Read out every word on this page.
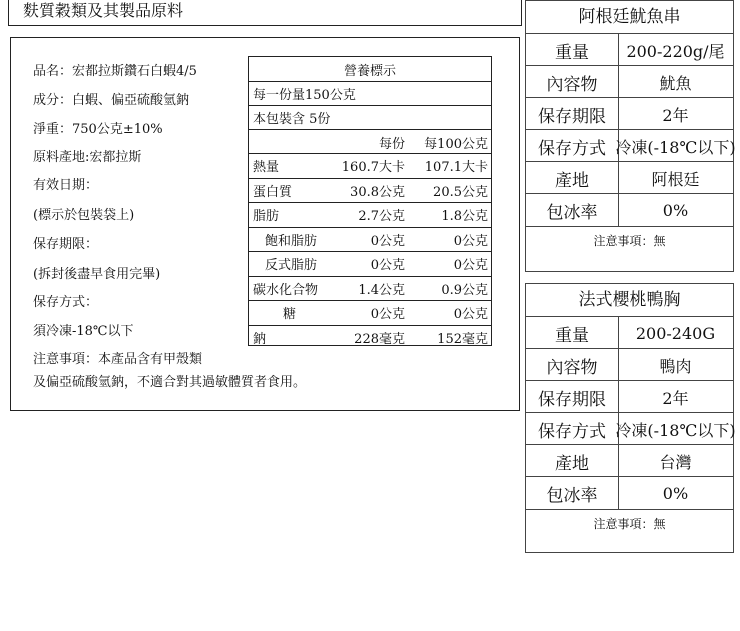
麩質穀類及其製品原料
品名：宏都拉斯鑽石白蝦4/5
成分：白蝦、偏亞硫酸氫鈉
淨重：750公克±10%
原料產地:宏都拉斯
有效日期：
(標示於包裝袋上)
保存期限：
(拆封後盡早食用完畢)
保存方式：
須冷凍-18℃以下
注意事項：本產品含有甲殼類
及偏亞硫酸氫鈉，不適合對其過敏體質者食用。
營養標示
每一份量150公克
本包裝含 5份
每份 每100公克
熱量	160.7大卡 107.1大卡
蛋白質	30.8公克 20.5公克
脂肪	2.7公克	1.8公克
飽和脂肪	0公克	0公克
反式脂肪	0公克	0公克
碳水化合物	1.4公克	0.9公克
糖	0公克	0公克
鈉	228毫克 152毫克
阿根廷魷魚串
重量	200-220g/尾
內容物	魷魚
保存期限	2年
保存方式 冷凍(-18℃以下)
產地	阿根廷
包冰率	0%
注意事項：無
法式櫻桃鴨胸
重量	200-240G
內容物	鴨肉
保存期限	2年
保存方式 冷凍(-18℃以下)
產地	台灣
包冰率	0%
注意事項：無
